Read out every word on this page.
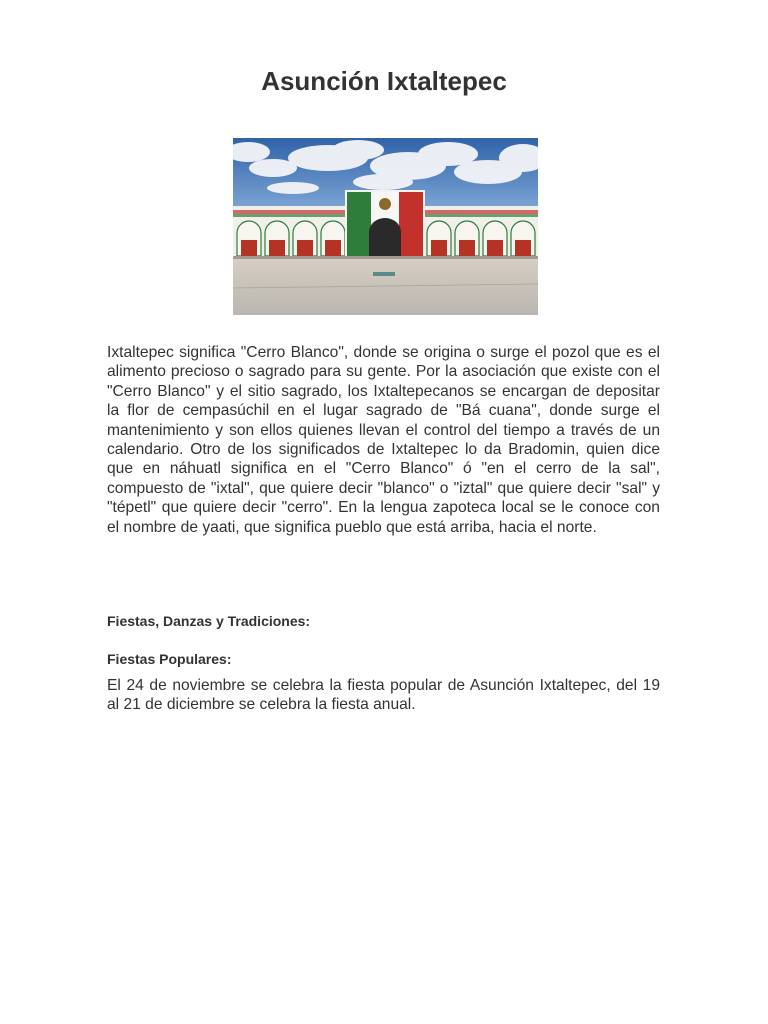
Asunción Ixtaltepec

Ixtaltepec significa "Cerro Blanco", donde se origina o surge el pozol que es el alimento precioso o sagrado para su gente. Por la asociación que existe con el "Cerro Blanco" y el sitio sagrado, los Ixtaltepecanos se encargan de depositar la flor de cempasúchil en el lugar sagrado de "Bá cuana", donde surge el mantenimiento y son ellos quienes llevan el control del tiempo a través de un calendario. Otro de los significados de Ixtaltepec lo da Bradomin, quien dice que en náhuatl significa en el "Cerro Blanco" ó "en el cerro de la sal", compuesto de "ixtal", que quiere decir "blanco" o "iztal" que quiere decir "sal" y "tépetl" que quiere decir "cerro". En la lengua zapoteca local se le conoce con el nombre de yaati, que significa pueblo que está arriba, hacia el norte.

Fiestas, Danzas y Tradiciones:
Fiestas Populares:

El 24 de noviembre se celebra la fiesta popular de Asunción Ixtaltepec, del 19 al 21 de diciembre se celebra la fiesta anual.
